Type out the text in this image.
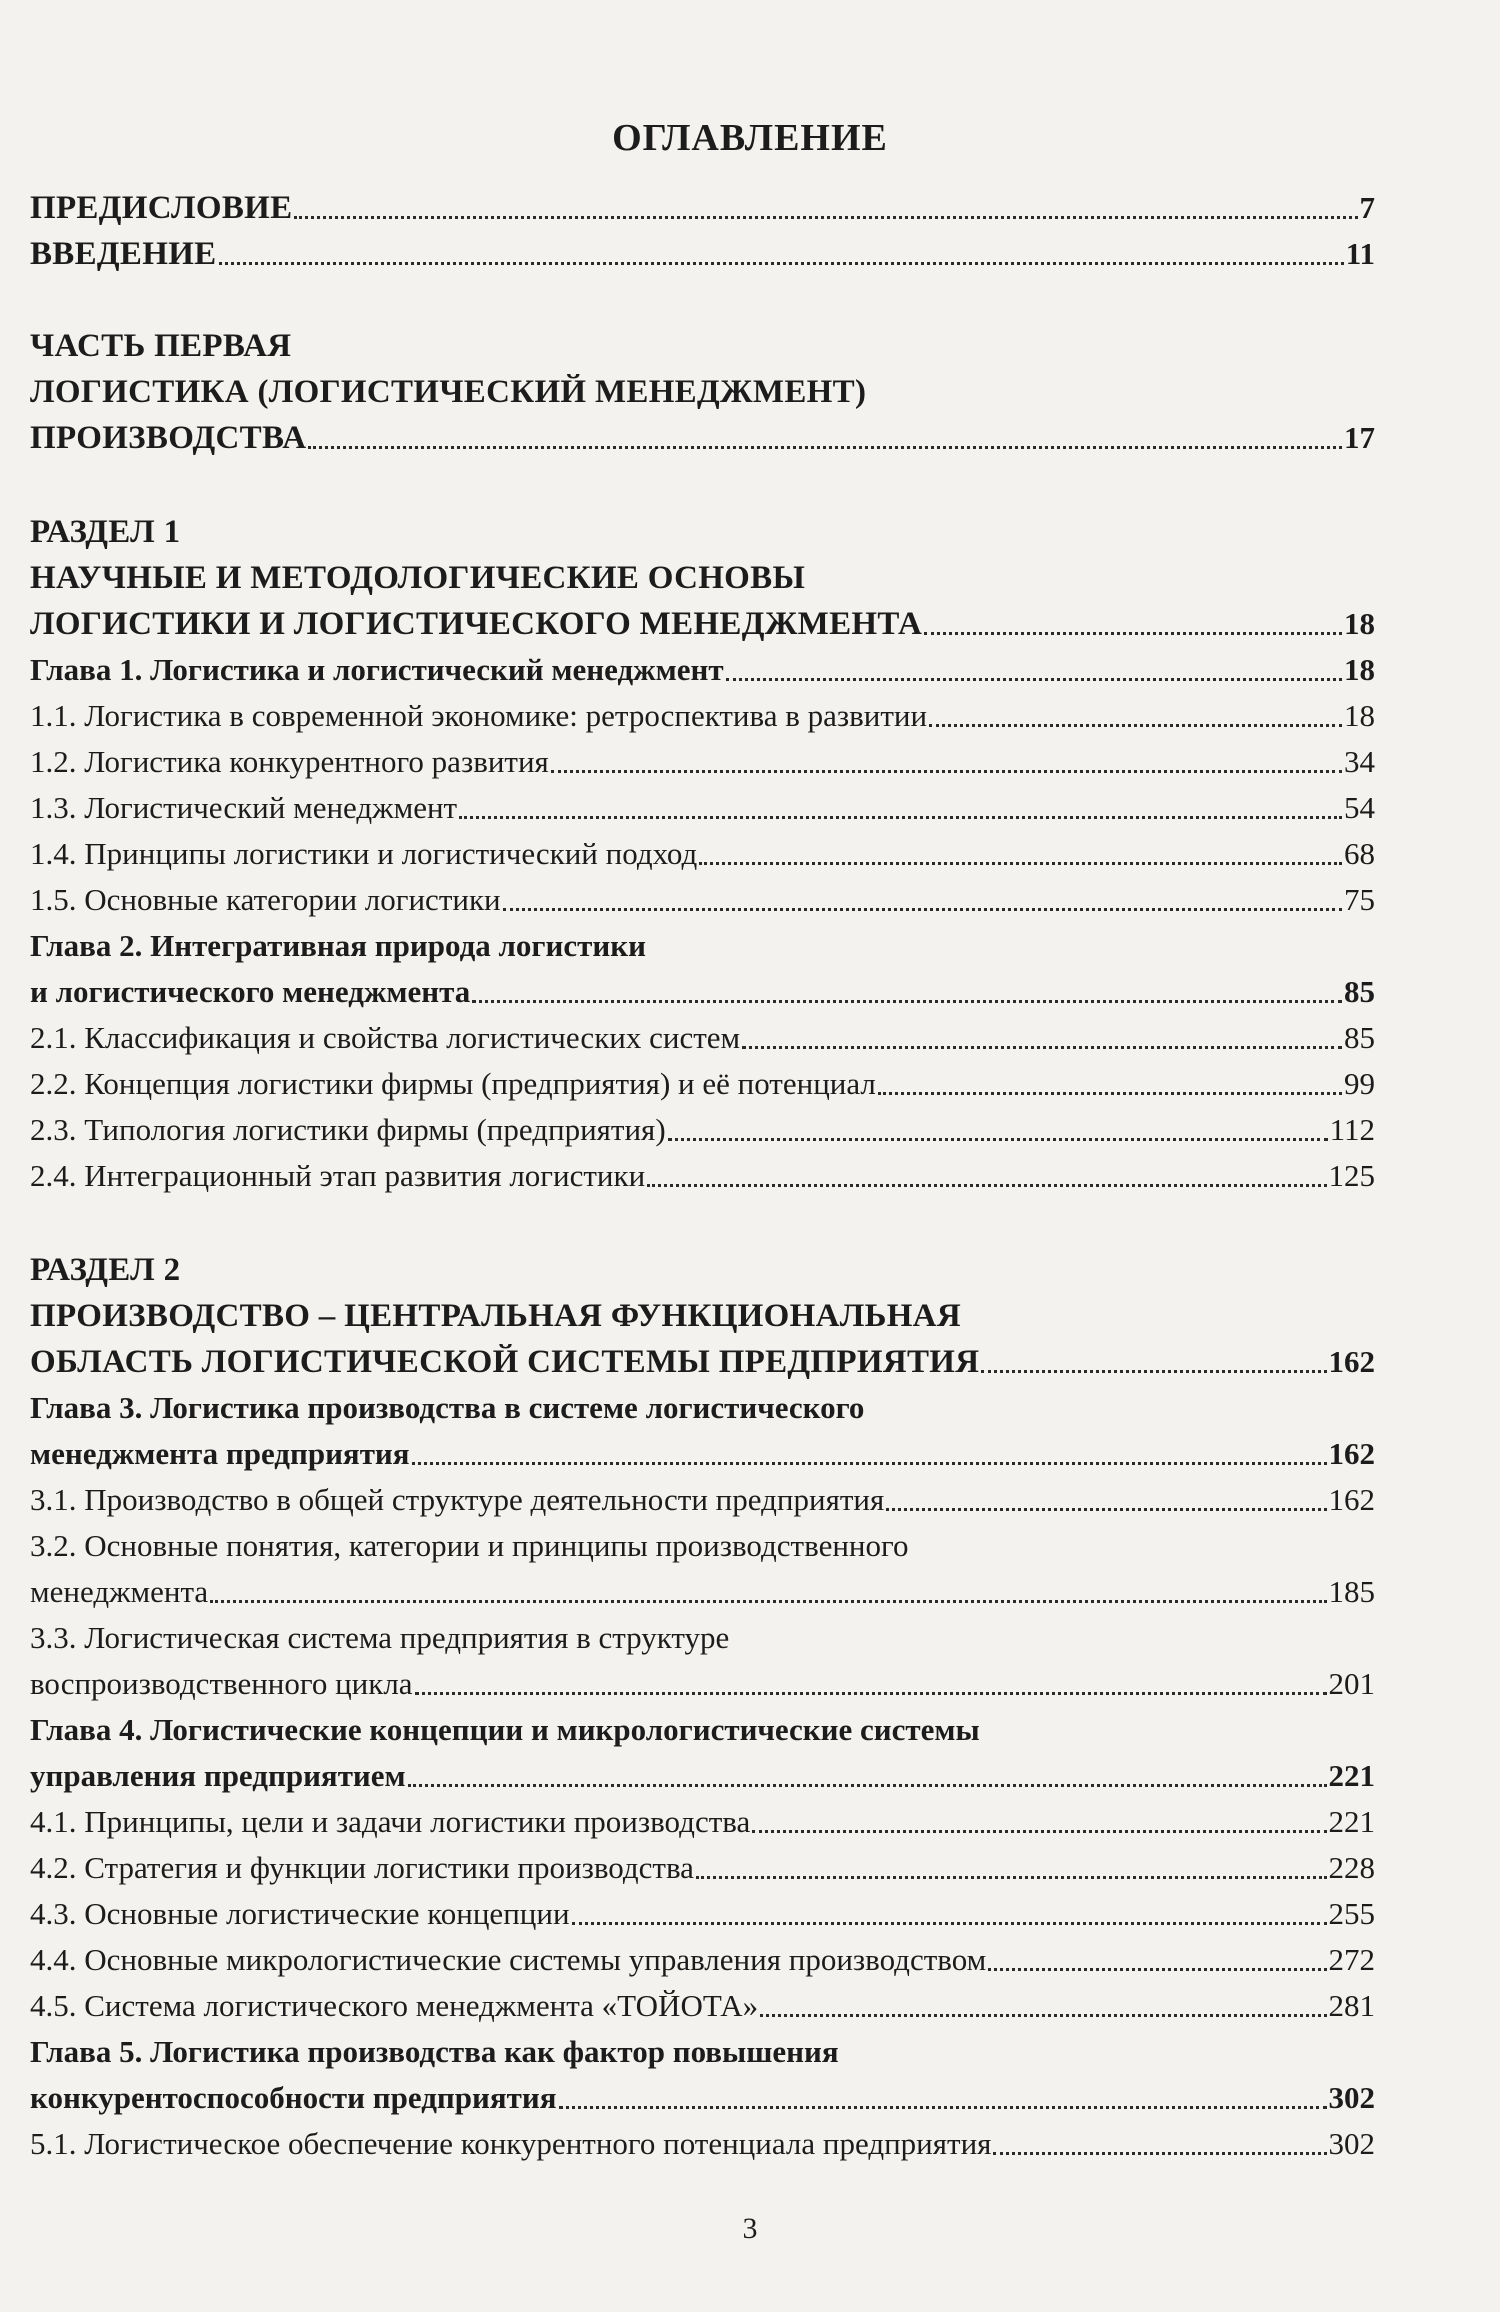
ОГЛАВЛЕНИЕ
ПРЕДИСЛОВИЕ	7
ВВЕДЕНИЕ	11
ЧАСТЬ ПЕРВАЯ
ЛОГИСТИКА (ЛОГИСТИЧЕСКИЙ МЕНЕДЖМЕНТ)
ПРОИЗВОДСТВА	17
РАЗДЕЛ 1
НАУЧНЫЕ И МЕТОДОЛОГИЧЕСКИЕ ОСНОВЫ
ЛОГИСТИКИ И ЛОГИСТИЧЕСКОГО МЕНЕДЖМЕНТА	18
Глава 1. Логистика и логистический менеджмент	18
1.1. Логистика в современной экономике: ретроспектива в развитии	18
1.2. Логистика конкурентного развития	34
1.3. Логистический менеджмент	54
1.4. Принципы логистики и логистический подход	68
1.5. Основные категории логистики	75
Глава 2. Интегративная природа логистики
и логистического менеджмента	85
2.1. Классификация и свойства логистических систем	85
2.2. Концепция логистики фирмы (предприятия) и её потенциал	99
2.3. Типология логистики фирмы (предприятия)	112
2.4. Интеграционный этап развития логистики	125
РАЗДЕЛ 2
ПРОИЗВОДСТВО – ЦЕНТРАЛЬНАЯ ФУНКЦИОНАЛЬНАЯ
ОБЛАСТЬ ЛОГИСТИЧЕСКОЙ СИСТЕМЫ ПРЕДПРИЯТИЯ	162
Глава 3. Логистика производства в системе логистического
менеджмента предприятия	162
3.1. Производство в общей структуре деятельности предприятия	162
3.2. Основные понятия, категории и принципы производственного
менеджмента	185
3.3. Логистическая система предприятия в структуре
воспроизводственного цикла	201
Глава 4. Логистические концепции и микрологистические системы
управления предприятием	221
4.1. Принципы, цели и задачи логистики производства	221
4.2. Стратегия и функции логистики производства	228
4.3. Основные логистические концепции	255
4.4. Основные микрологистические системы управления производством	272
4.5. Система логистического менеджмента «ТОЙОТА»	281
Глава 5. Логистика производства как фактор повышения
конкурентоспособности предприятия	302
5.1. Логистическое обеспечение конкурентного потенциала предприятия	302
3
